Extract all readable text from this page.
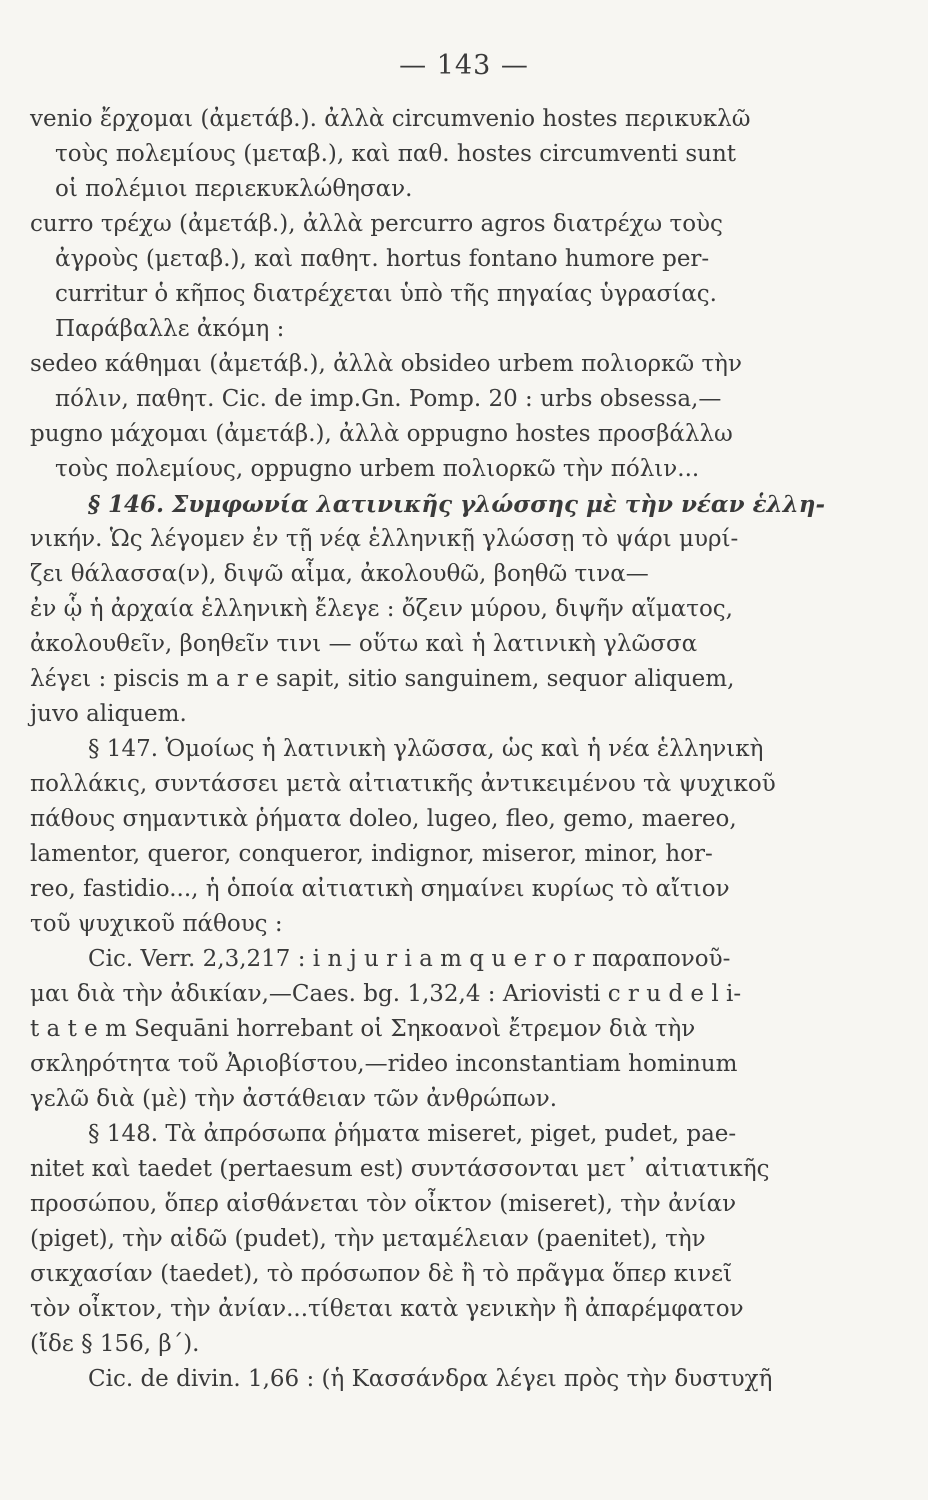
— 143 —
venio ἔρχομαι (ἀμετάβ.). ἀλλὰ circumvenio hostes περικυκλῶ
τοὺς πολεμίους (μεταβ.), καὶ παθ. hostes circumventi sunt
οἱ πολέμιοι περιεκυκλώθησαν.
curro τρέχω (ἀμετάβ.), ἀλλὰ percurro agros διατρέχω τοὺς
ἀγροὺς (μεταβ.), καὶ παθητ. hortus fontano humore per-
curritur ὁ κῆπος διατρέχεται ὑπὸ τῆς πηγαίας ὑγρασίας.
Παράβαλλε ἀκόμη :
sedeo κάθημαι (ἀμετάβ.), ἀλλὰ obsideo urbem πολιορκῶ τὴν
πόλιν, παθητ. Cic. de imp.Gn. Pomp. 20 : urbs obsessa,—
pugno μάχομαι (ἀμετάβ.), ἀλλὰ oppugno hostes προσβάλλω
τοὺς πολεμίους, oppugno urbem πολιορκῶ τὴν πόλιν...
§ 146. Συμφωνία λατινικῆς γλώσσης μὲ τὴν νέαν ἑλλη-
νικήν. Ὡς λέγομεν ἐν τῇ νέᾳ ἑλληνικῇ γλώσσῃ τὸ ψάρι μυρί-
ζει θάλασσα(ν), διψῶ αἷμα, ἀκολουθῶ, βοηθῶ τινα—
ἐν ᾧ ἡ ἀρχαία ἑλληνικὴ ἔλεγε : ὄζειν μύρου, διψῆν αἵματος,
ἀκολουθεῖν, βοηθεῖν τινι — οὕτω καὶ ἡ λατινικὴ γλῶσσα
λέγει : piscis m a r e sapit, sitio sanguinem, sequor aliquem,
juvo aliquem.
§ 147. Ὁμοίως ἡ λατινικὴ γλῶσσα, ὡς καὶ ἡ νέα ἑλληνικὴ
πολλάκις, συντάσσει μετὰ αἰτιατικῆς ἀντικειμένου τὰ ψυχικοῦ
πάθους σημαντικὰ ῥήματα doleo, lugeo, fleo, gemo, maereo,
lamentor, queror, conqueror, indignor, miseror, minor, hor-
reo, fastidio..., ἡ ὁποία αἰτιατικὴ σημαίνει κυρίως τὸ αἴτιον
τοῦ ψυχικοῦ πάθους :
Cic. Verr. 2,3,217 : i n j u r i a m q u e r o r παραπονοῦ-
μαι διὰ τὴν ἀδικίαν,—Caes. bg. 1,32,4 : Ariovisti c r u d e l i-
t a t e m Sequāni horrebant οἱ Σηκοανοὶ ἔτρεμον διὰ τὴν
σκληρότητα τοῦ Ἀριοβίστου,—rideo inconstantiam hominum
γελῶ διὰ (μὲ) τὴν ἀστάθειαν τῶν ἀνθρώπων.
§ 148. Τὰ ἀπρόσωπα ῥήματα miseret, piget, pudet, pae-
nitet καὶ taedet (pertaesum est) συντάσσονται μετ᾿ αἰτιατικῆς
προσώπου, ὅπερ αἰσθάνεται τὸν οἶκτον (miseret), τὴν ἀνίαν
(piget), τὴν αἰδῶ (pudet), τὴν μεταμέλειαν (paenitet), τὴν
σικχασίαν (taedet), τὸ πρόσωπον δὲ ἢ τὸ πρᾶγμα ὅπερ κινεῖ
τὸν οἶκτον, τὴν ἀνίαν...τίθεται κατὰ γενικὴν ἢ ἀπαρέμφατον
(ἴδε § 156, β΄).
Cic. de divin. 1,66 : (ἡ Κασσάνδρα λέγει πρὸς τὴν δυστυχῆ
